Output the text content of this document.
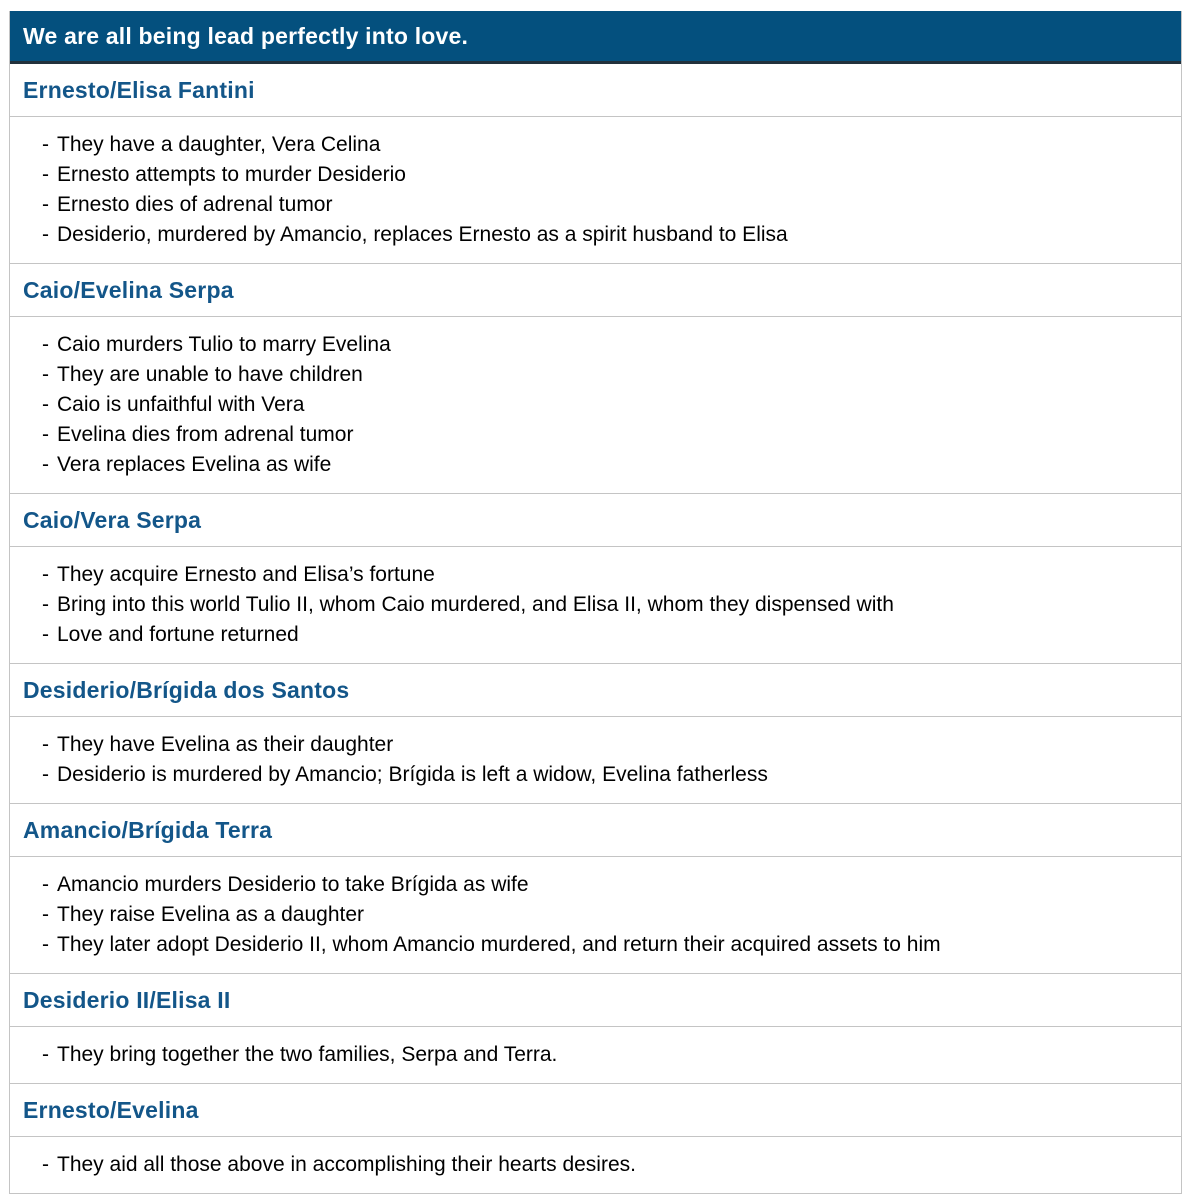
We are all being lead perfectly into love.
Ernesto/Elisa Fantini
- They have a daughter, Vera Celina
- Ernesto attempts to murder Desiderio
- Ernesto dies of adrenal tumor
- Desiderio, murdered by Amancio, replaces Ernesto as a spirit husband to Elisa
Caio/Evelina Serpa
- Caio murders Tulio to marry Evelina
- They are unable to have children
- Caio is unfaithful with Vera
- Evelina dies from adrenal tumor
- Vera replaces Evelina as wife
Caio/Vera Serpa
- They acquire Ernesto and Elisa’s fortune
- Bring into this world Tulio II, whom Caio murdered, and Elisa II, whom they dispensed with
- Love and fortune returned
Desiderio/Brígida dos Santos
- They have Evelina as their daughter
- Desiderio is murdered by Amancio; Brígida is left a widow, Evelina fatherless
Amancio/Brígida Terra
- Amancio murders Desiderio to take Brígida as wife
- They raise Evelina as a daughter
- They later adopt Desiderio II, whom Amancio murdered, and return their acquired assets to him
Desiderio II/Elisa II
- They bring together the two families, Serpa and Terra.
Ernesto/Evelina
- They aid all those above in accomplishing their hearts desires.
